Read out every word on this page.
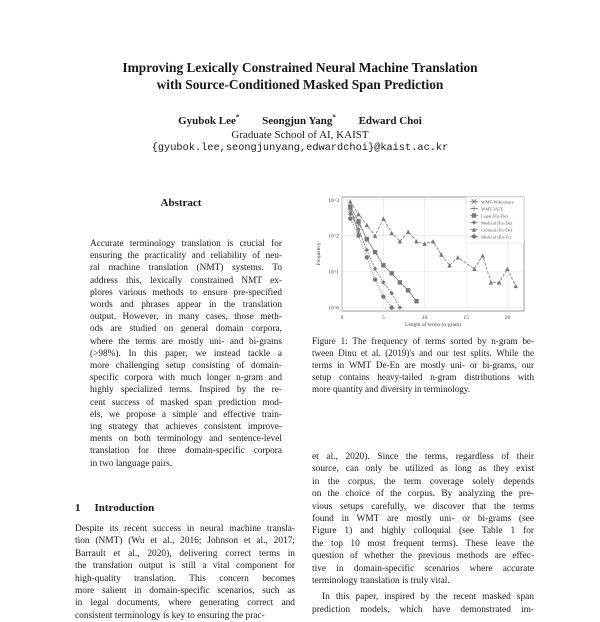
Improving Lexically Constrained Neural Machine Translation
with Source-Conditioned Masked Span Prediction
Gyubok Lee* Seongjun Yang* Edward Choi
Graduate School of AI, KAIST
{gyubok.lee,seongjunyang,edwardchoi}@kaist.ac.kr
Abstract
Accurate terminology translation is crucial for
ensuring the practicality and reliability of neu-
ral machine translation (NMT) systems. To
address this, lexically constrained NMT ex-
plores various methods to ensure pre-specified
words and phrases appear in the translation
output. However, in many cases, those meth-
ods are studied on general domain corpora,
where the terms are mostly uni- and bi-grams
(>98%). In this paper, we instead tackle a
more challenging setup consisting of domain-
specific corpora with much longer n-gram and
highly specialized terms. Inspired by the re-
cent success of masked span prediction mod-
els, we propose a simple and effective train-
ing strategy that achieves consistent improve-
ments on both terminology and sentence-level
translation for three domain-specific corpora
in two language pairs.
0	5	10	15	20
10^0
10^1
10^2
10^3
Length of terms (n-gram)
Frequency
WMT-Wiktionary
WMT-IATE
Legal (En-De)
Medical (En-De)
Cultural (En-De)
Medical (En-Fr)
Figure 1: The frequency of terms sorted by n-gram be-
tween Dinu et al. (2019)'s and our test splits. While the
terms in WMT De-En are mostly uni- or bi-grams, our
setup contains heavy-tailed n-gram distributions with
more quantity and diversity in terminology.
1 Introduction
Despite its recent success in neural machine transla-
tion (NMT) (Wu et al., 2016; Johnson et al., 2017;
Barrault et al., 2020), delivering correct terms in
the translation output is still a vital component for
high-quality translation. This concern becomes
more salient in domain-specific scenarios, such as
in legal documents, where generating correct and
consistent terminology is key to ensuring the prac-
et al., 2020). Since the terms, regardless of their
source, can only be utilized as long as they exist
in the corpus, the term coverage solely depends
on the choice of the corpus. By analyzing the pre-
vious setups carefully, we discover that the terms
found in WMT are mostly uni- or bi-grams (see
Figure 1) and highly colloquial (see Table 1 for
the top 10 most frequent terms). These leave the
question of whether the previous methods are effec-
tive in domain-specific scenarios where accurate
terminology translation is truly vital.
In this paper, inspired by the recent masked span
prediction models, which have demonstrated im-
